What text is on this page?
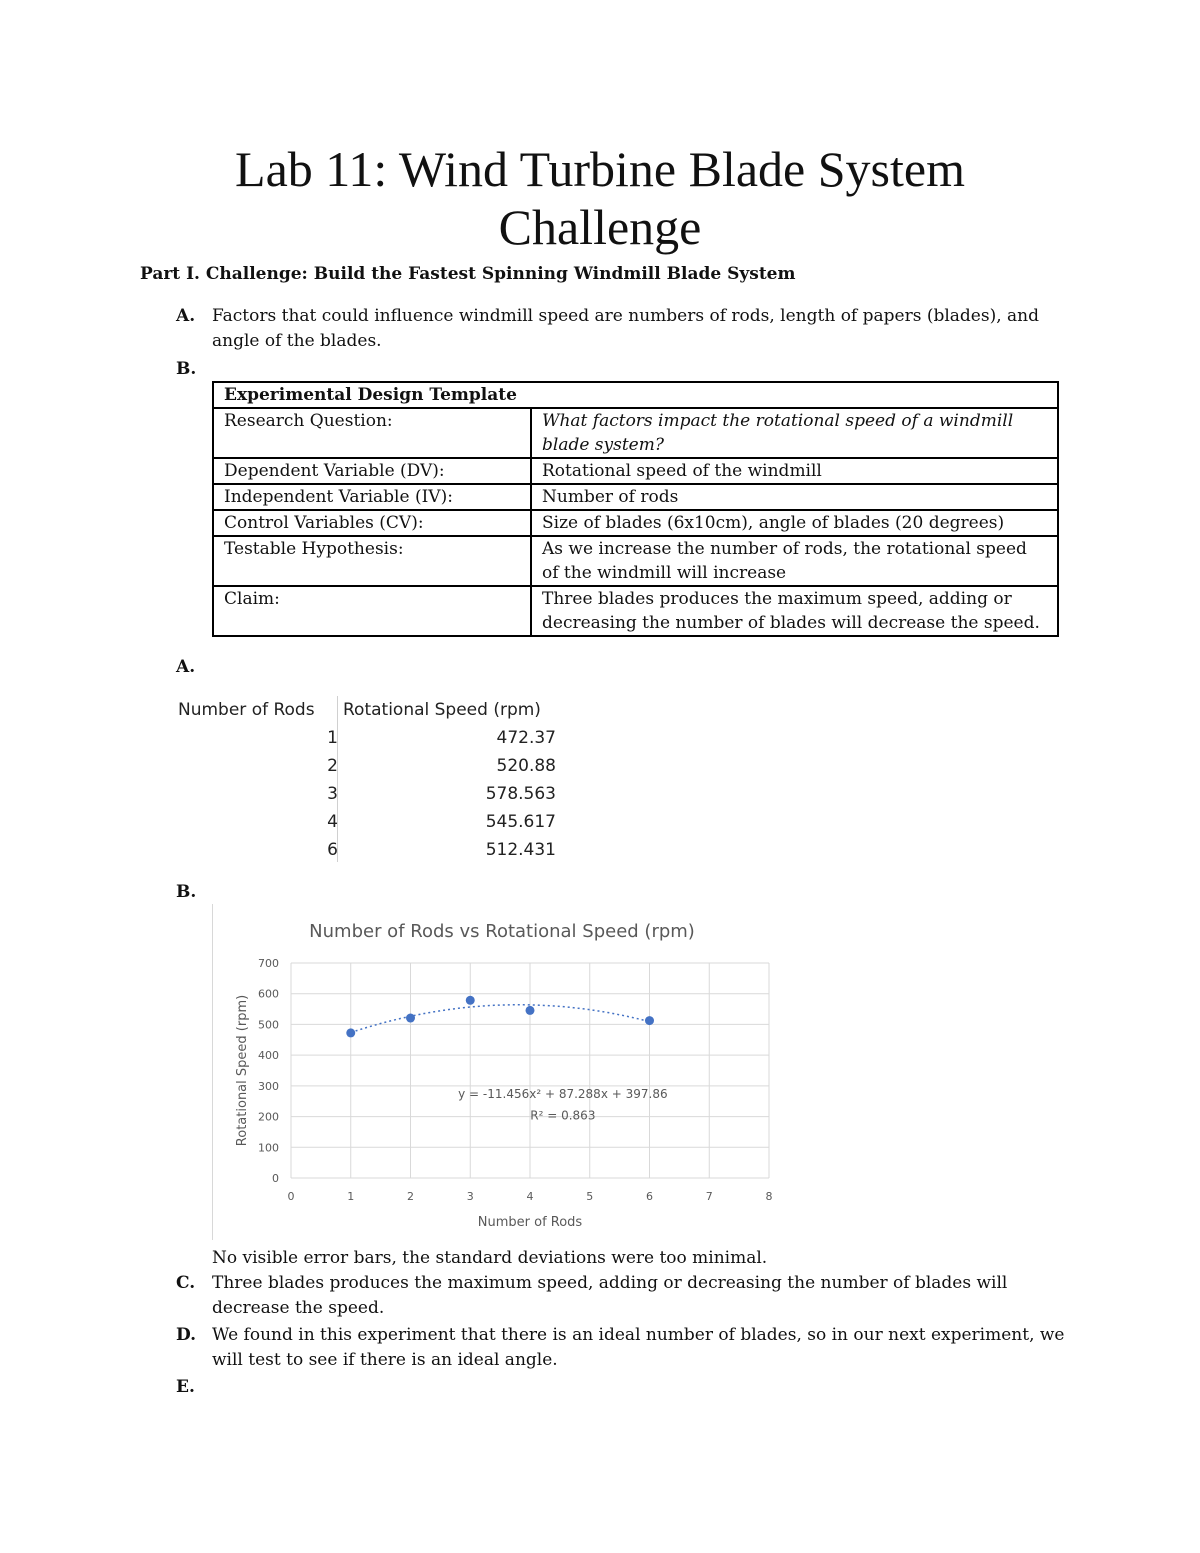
Lab 11: Wind Turbine Blade System
Challenge
Part I. Challenge: Build the Fastest Spinning Windmill Blade System
A. Factors that could influence windmill speed are numbers of rods, length of papers (blades), and angle of the blades.
B.
Experimental Design Template	
Research Question:	What factors impact the rotational speed of a windmill blade system?
Dependent Variable (DV):	Rotational speed of the windmill
Independent Variable (IV):	Number of rods
Control Variables (CV):	Size of blades (6x10cm), angle of blades (20 degrees)
Testable Hypothesis:	As we increase the number of rods, the rotational speed of the windmill will increase
Claim:	Three blades produces the maximum speed, adding or decreasing the number of blades will decrease the speed.
A.
Number of Rods Rotational Speed (rpm)
1	472.37
2	520.88
3	578.563
4	545.617
6	512.431
B.
Number of Rods vs Rotational Speed (rpm)
Rotational Speed (rpm)
Number of Rods
0
100
200
300
400
500
600
700
0	1	2	3	4	5	6	7	8
y = -11.456x² + 87.288x + 397.86
R² = 0.863
No visible error bars, the standard deviations were too minimal.
C. Three blades produces the maximum speed, adding or decreasing the number of blades will decrease the speed.
D. We found in this experiment that there is an ideal number of blades, so in our next experiment, we will test to see if there is an ideal angle.
E.
